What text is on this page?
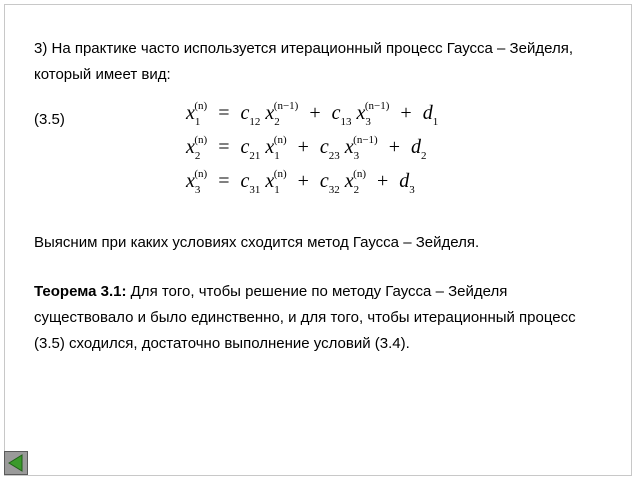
3) На практике часто используется итерационный процесс Гаусса – Зейделя,
который имеет вид:
(3.5)	$x_1^{(n)} = c_{12}$ $x_2^{(n-1)} + c_{13}$ $x_3^{(n-1)} + d_1$
$x_2^{(n)} = c_{21}$ $x_1^{(n)} + c_{23}$ $x_3^{(n-1)} + d_2$
$x_3^{(n)} = c_{31}$ $x_1^{(n)} + c_{32}$ $x_2^{(n)} + d_3$
Выясним при каких условиях сходится метод Гаусса – Зейделя.
Теорема 3.1: Для того, чтобы решение по методу Гаусса – Зейделя
существовало и было единственно, и для того, чтобы итерационный процесс
(3.5) сходился, достаточно выполнение условий (3.4).
